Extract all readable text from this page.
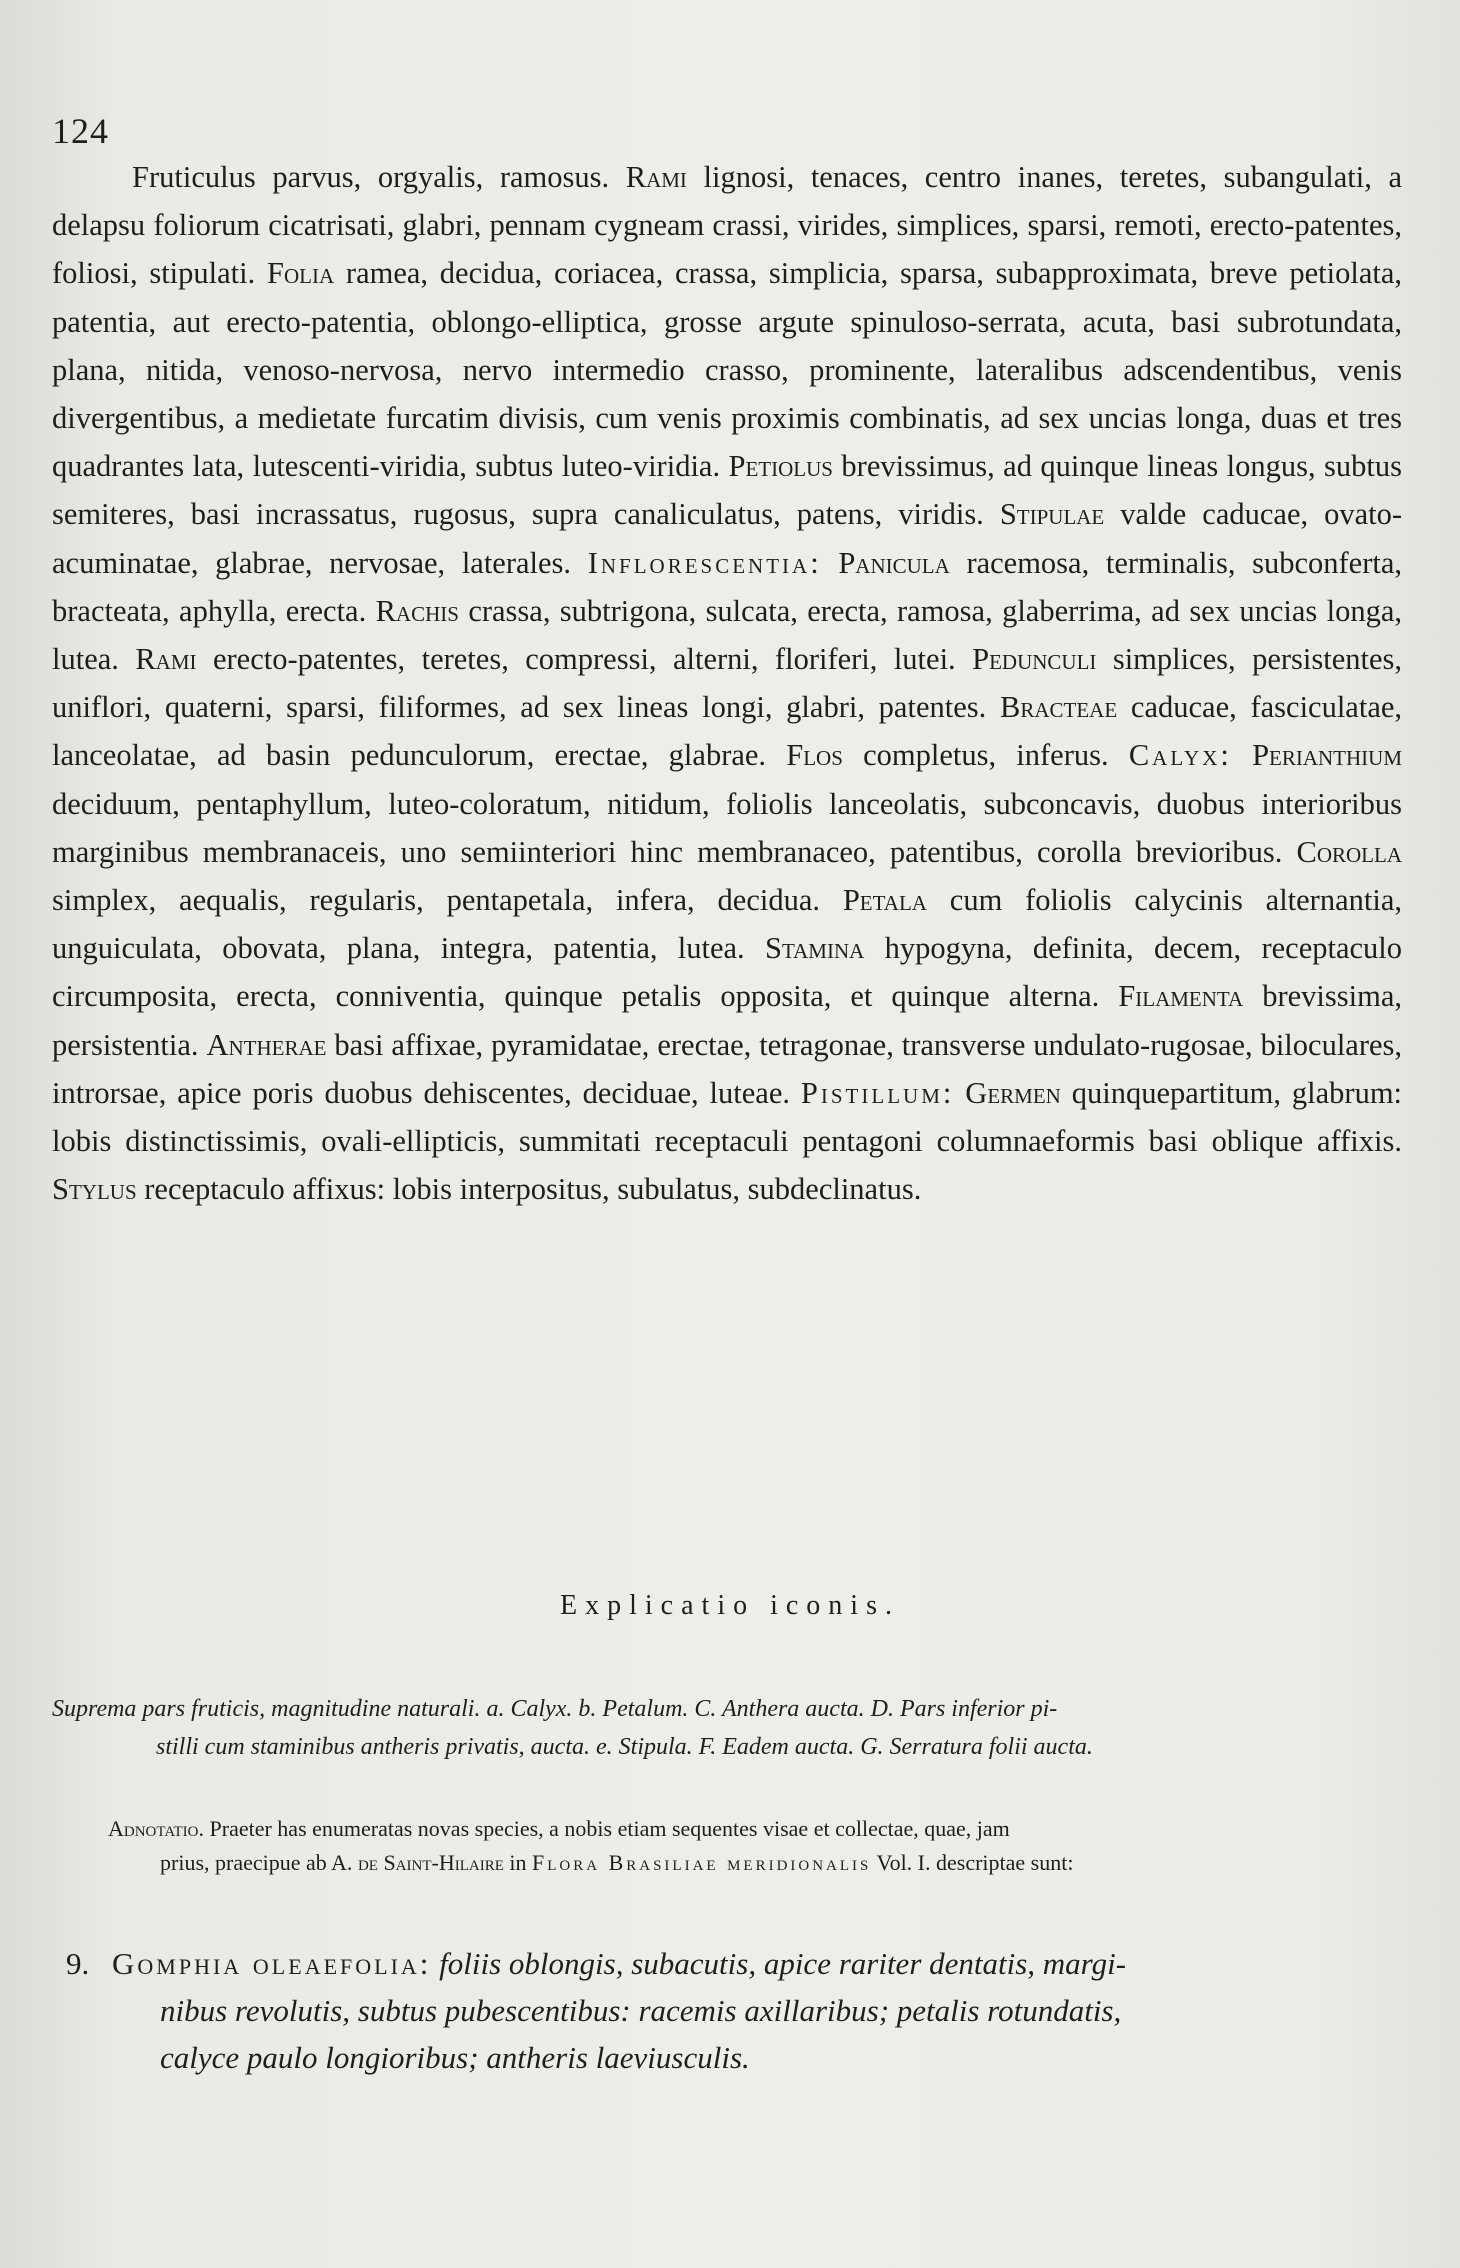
124

Fruticulus parvus, orgyalis, ramosus. Rami lignosi, tenaces, centro inanes, teretes, subangulati, a delapsu foliorum cicatrisati, glabri, pennam cygneam crassi, virides, simplices, sparsi, remoti, erecto-patentes, foliosi, stipulati. Folia ramea, decidua, coriacea, crassa, simplicia, sparsa, subapproximata, breve petiolata, patentia, aut erecto-patentia, oblongo-elliptica, grosse argute spinuloso-serrata, acuta, basi subrotundata, plana, nitida, venoso-nervosa, nervo intermedio crasso, prominente, lateralibus adscendentibus, venis divergentibus, a medietate furcatim divisis, cum venis proximis combinatis, ad sex uncias longa, duas et tres quadrantes lata, lutescenti-viridia, subtus luteo-viridia. Petiolus brevissimus, ad quinque lineas longus, subtus semiteres, basi incrassatus, rugosus, supra canaliculatus, patens, viridis. Stipulae valde caducae, ovato-acuminatae, glabrae, nervosae, laterales. Inflorescentia: Panicula racemosa, terminalis, subconferta, bracteata, aphylla, erecta. Rachis crassa, subtrigona, sulcata, erecta, ramosa, glaberrima, ad sex uncias longa, lutea. Rami erecto-patentes, teretes, compressi, alterni, floriferi, lutei. Pedunculi simplices, persistentes, uniflori, quaterni, sparsi, filiformes, ad sex lineas longi, glabri, patentes. Bracteae caducae, fasciculatae, lanceolatae, ad basin pedunculorum, erectae, glabrae. Flos completus, inferus. Calyx: Perianthium deciduum, pentaphyllum, luteo-coloratum, nitidum, foliolis lanceolatis, subconcavis, duobus interioribus marginibus membranaceis, uno semiinteriori hinc membranaceo, patentibus, corolla brevioribus. Corolla simplex, aequalis, regularis, pentapetala, infera, decidua. Petala cum foliolis calycinis alternantia, unguiculata, obovata, plana, integra, patentia, lutea. Stamina hypogyna, definita, decem, receptaculo circumposita, erecta, conniventia, quinque petalis opposita, et quinque alterna. Filamenta brevissima, persistentia. Antherae basi affixae, pyramidatae, erectae, tetragonae, transverse undulato-rugosae, biloculares, introrsae, apice poris duobus dehiscentes, deciduae, luteae. Pistillum: Germen quinquepartitum, glabrum: lobis distinctissimis, ovali-ellipticis, summitati receptaculi pentagoni columnaeformis basi oblique affixis. Stylus receptaculo affixus: lobis interpositus, subulatus, subdeclinatus.

Explicatio iconis.

Suprema pars fruticis, magnitudine naturali. a. Calyx. b. Petalum. C. Anthera aucta. D. Pars inferior pi-
stilli cum staminibus antheris privatis, aucta. e. Stipula. F. Eadem aucta. G. Serratura folii aucta.

Adnotatio. Praeter has enumeratas novas species, a nobis etiam sequentes visae et collectae, quae, jam
prius, praecipue ab A. de Saint-Hilaire in Flora Brasiliae meridionalis Vol. I. descriptae sunt:

9. Gomphia oleaefolia: foliis oblongis, subacutis, apice rariter dentatis, margi-
nibus revolutis, subtus pubescentibus: racemis axillaribus; petalis rotundatis,
calyce paulo longioribus; antheris laeviusculis.
